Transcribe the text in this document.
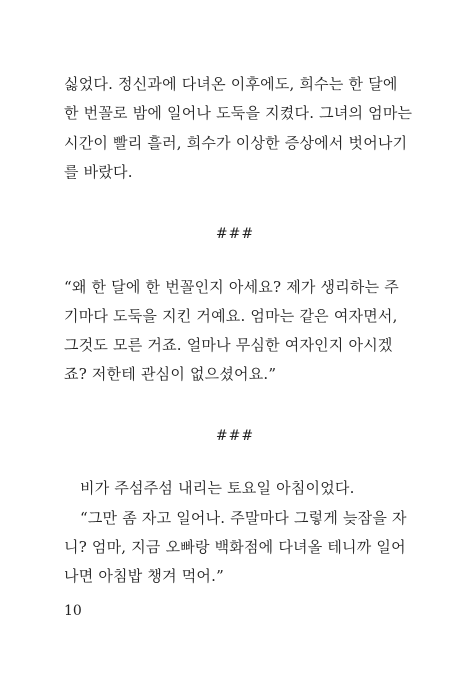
싫었다. 정신과에 다녀온 이후에도, 희수는 한 달에
한 번꼴로 밤에 일어나 도둑을 지켰다. 그녀의 엄마는
시간이 빨리 흘러, 희수가 이상한 증상에서 벗어나기
를 바랐다.
###
“왜 한 달에 한 번꼴인지 아세요? 제가 생리하는 주
기마다 도둑을 지킨 거예요. 엄마는 같은 여자면서,
그것도 모른 거죠. 얼마나 무심한 여자인지 아시겠
죠? 저한테 관심이 없으셨어요.”
###
비가 주섬주섬 내리는 토요일 아침이었다.
“그만 좀 자고 일어나. 주말마다 그렇게 늦잠을 자
니? 엄마, 지금 오빠랑 백화점에 다녀올 테니까 일어
나면 아침밥 챙겨 먹어.”
10
